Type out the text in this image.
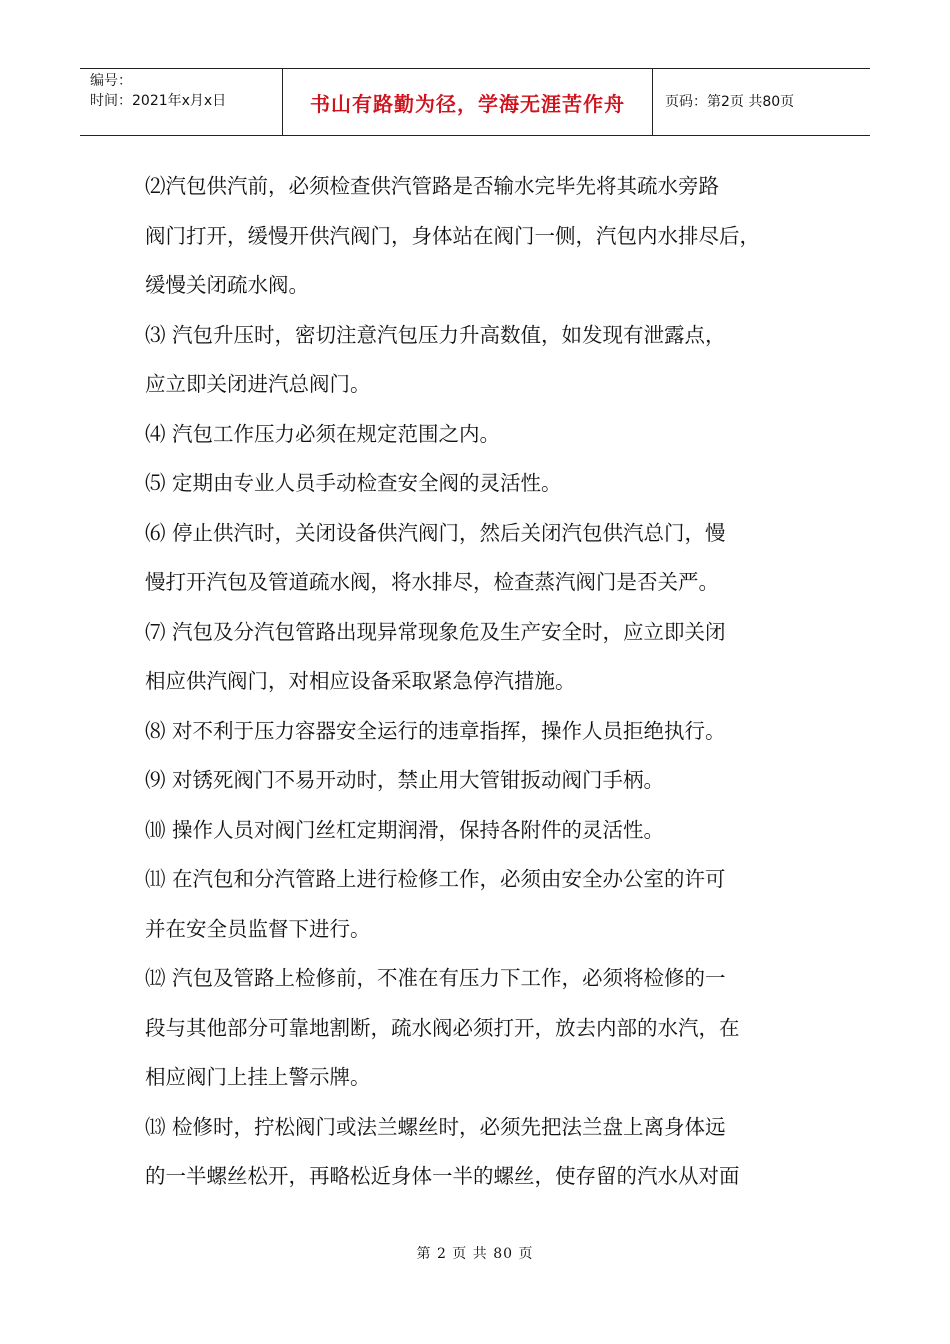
编号：
时间：2021年x月x日	书山有路勤为径，学海无涯苦作舟	页码：第2页 共80页
⑵汽包供汽前，必须检查供汽管路是否输水完毕先将其疏水旁路
阀门打开，缓慢开供汽阀门，身体站在阀门一侧，汽包内水排尽后，
缓慢关闭疏水阀。
⑶ 汽包升压时，密切注意汽包压力升高数值，如发现有泄露点，
应立即关闭进汽总阀门。
⑷ 汽包工作压力必须在规定范围之内。
⑸ 定期由专业人员手动检查安全阀的灵活性。
⑹ 停止供汽时，关闭设备供汽阀门，然后关闭汽包供汽总门，慢
慢打开汽包及管道疏水阀，将水排尽，检查蒸汽阀门是否关严。
⑺ 汽包及分汽包管路出现异常现象危及生产安全时，应立即关闭
相应供汽阀门，对相应设备采取紧急停汽措施。
⑻ 对不利于压力容器安全运行的违章指挥，操作人员拒绝执行。
⑼ 对锈死阀门不易开动时，禁止用大管钳扳动阀门手柄。
⑽ 操作人员对阀门丝杠定期润滑，保持各附件的灵活性。
⑾ 在汽包和分汽管路上进行检修工作，必须由安全办公室的许可
并在安全员监督下进行。
⑿ 汽包及管路上检修前，不准在有压力下工作，必须将检修的一
段与其他部分可靠地割断，疏水阀必须打开，放去内部的水汽，在
相应阀门上挂上警示牌。
⒀ 检修时，拧松阀门或法兰螺丝时，必须先把法兰盘上离身体远
的一半螺丝松开，再略松近身体一半的螺丝，使存留的汽水从对面
第 2 页 共 80 页
